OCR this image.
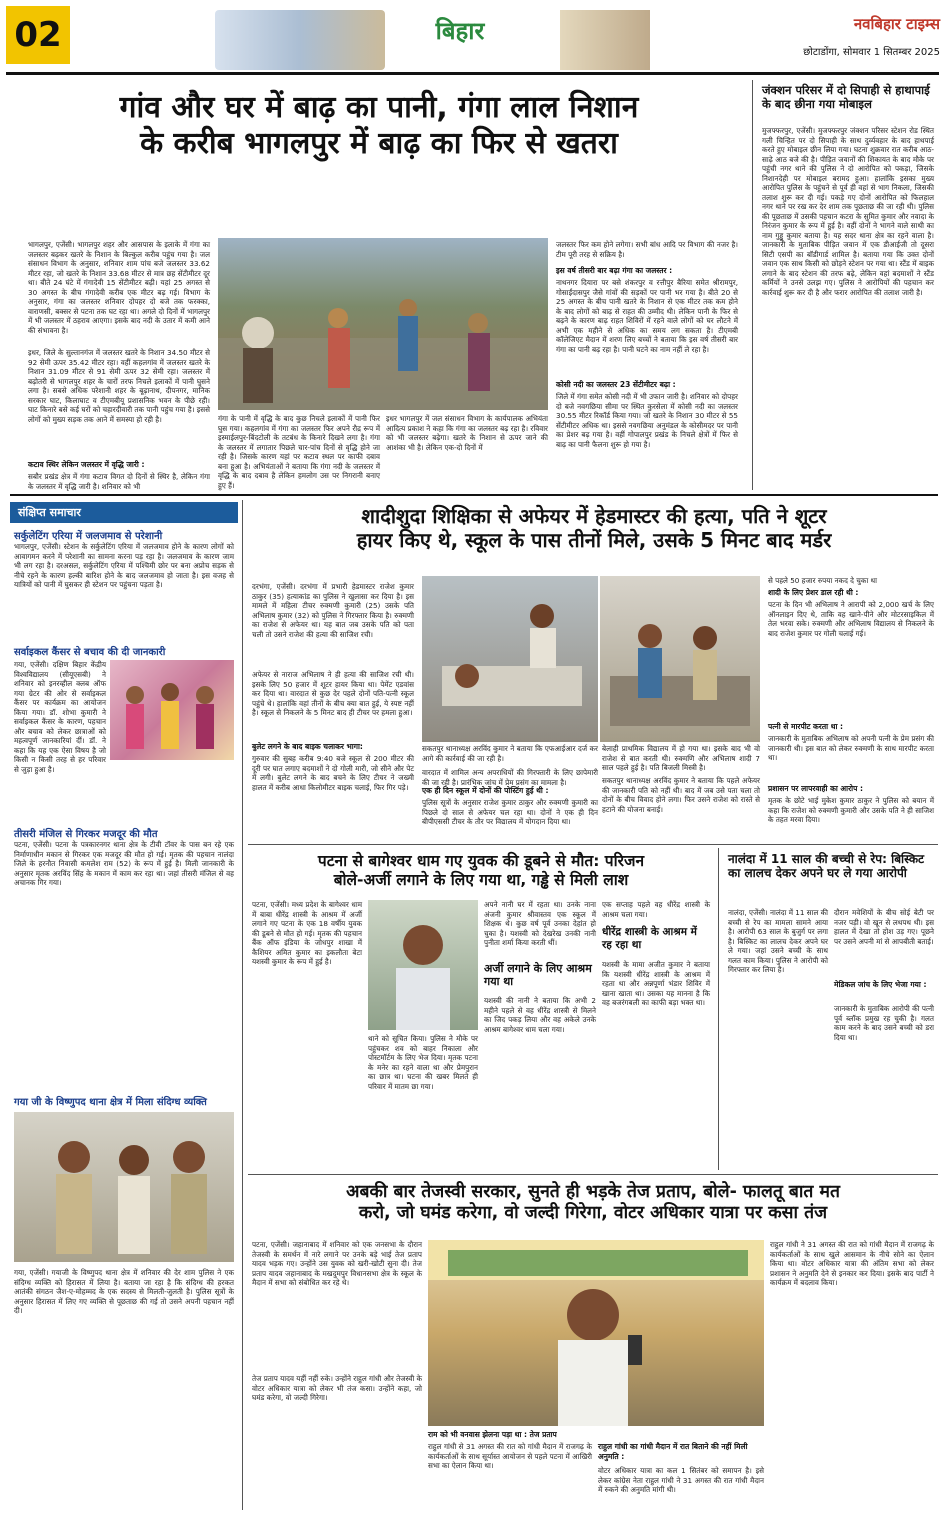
02	बिहार	नवबिहार टाइम्स
छोटाडोंगा, सोमवार 1 सितम्बर 2025
गांव और घर में बाढ़ का पानी, गंगा लाल निशान
के करीब भागलपुर में बाढ़ का फिर से खतरा
भागलपुर, एजेंसी। भागलपुर शहर और आसपास के इलाके में गंगा का जलस्तर बढ़कर खतरे के निशान के बिल्कुल करीब पहुंच गया है। जल संसाधन विभाग के अनुसार, शनिवार शाम पांच बजे जलस्तर 33.62 मीटर रहा, जो खतरे के निशान 33.68 मीटर से मात्र छह सेंटीमीटर दूर था। बीते 24 घंटे में गंगादेवी 15 सेंटीमीटर बढ़ी। यहां 25 अगस्त से 30 अगस्त के बीच गंगादेवी करीब एक मीटर बढ़ गई। विभाग के अनुसार, गंगा का जलस्तर शनिवार दोपहर दो बजे तक फरक्का, वाराणसी, बक्सर से पटना तक घट रहा था। अगले दो दिनों में भागलपुर में भी जलस्तर में ठहराव आएगा। इसके बाद नदी के उतार में कमी आने की संभावना है।
इधर, जिले के सुल्तानगंज में जलस्तर खतरे के निशान 34.50 मीटर से 92 सेमी ऊपर 35.42 मीटर रहा। वहीं कहलगांव में जलस्तर खतरे के निशान 31.09 मीटर से 91 सेमी ऊपर 32 सेमी रहा। जलस्तर में बढ़ोतरी से भागलपुर शहर के चारों तरफ निचले इलाकों में पानी घुसने लगा है। सबसे अधिक परेशानी शहर के बूढ़ानाथ, दीपनगर, मानिक सरकार घाट, किलाघाट व टीएमबीयू प्रशासनिक भवन के पीछे रही। घाट किनारे बसे कई घरों को चहारदीवारी तक पानी पहुंच गया है। इससे लोगों को मुख्य सड़क तक आने में समस्या हो रही है।
कटाव स्थिर लेकिन जलस्तर में वृद्धि जारी :
सबौर प्रखंड क्षेत्र में गंगा कटाव विगत दो दिनों से स्थिर है, लेकिन गंगा के जलस्तर में वृद्धि जारी है। शनिवार को भी
गंगा के पानी में वृद्धि के बाद कुछ निचले इलाकों में पानी फिर घुस गया। कहलगांव में गंगा का जलस्तर फिर अपने रौद्र रूप में इस्माईलपुर-बिंदटोली के तटबंध के किनारे दिखने लगा है। गंगा के जलस्तर में लगातार पिछले चार-पांच दिनों से वृद्धि होने जा रही है। जिसके कारण यहां पर कटाव स्थल पर काफी दबाव बना हुआ है। अभियंताओं ने बताया कि गंगा नदी के जलस्तर में वृद्धि के बाद दबाव है लेकिन हमलोग उस पर निगरानी बनाए हुए हैं।
इधर भागलपुर में जल संसाधन विभाग के कार्यपालक अभियंता आदित्य प्रकाश ने कहा कि गंगा का जलस्तर बढ़ रहा है। रविवार को भी जलस्तर बढ़ेगा। खतरे के निशान से ऊपर जाने की आशंका भी है। लेकिन एक-दो दिनों में
जलस्तर फिर कम होने लगेगा। सभी बांध आदि पर विभाग की नजर है। टीम पूरी तरह से सक्रिय है।
इस वर्ष तीसरी बार बढ़ा गंगा का जलस्तर :
नाथनगर दियारा पर बसे शंकरपुर व रत्तीपुर बैरिया समेत श्रीरामपुर, गोसाईंदासपुर जैसे गांवों की सड़कों पर पानी भर गया है। बीते 20 से 25 अगस्त के बीच पानी खतरे के निशान से एक मीटर तक कम होने के बाद लोगों को बाढ़ से राहत की उम्मीद थी। लेकिन पानी के फिर से बढ़ने के कारण बाढ़ राहत शिविरों में रहने वाले लोगों को घर लौटने में अभी एक महीने से अधिक का समय लग सकता है। टीएमबी कॉलेजिएट मैदान में शरण लिए बच्चों ने बताया कि इस वर्ष तीसरी बार गंगा का पानी बढ़ रहा है। पानी घटने का नाम नहीं ले रहा है।
कोसी नदी का जलस्तर 23 सेंटीमीटर बढ़ा :
जिले में गंगा समेत कोसी नदी में भी उफान जारी है। शनिवार को दोपहर दो बजे नवगछिया सीमा पर स्थित कुरसेला में कोसी नदी का जलस्तर 30.55 मीटर रिकॉर्ड किया गया। जो खतरे के निशान 30 मीटर से 55 सेंटीमीटर अधिक था। इससे नवगछिया अनुमंडल के कोसीमदर पर पानी का प्रेशर बढ़ गया है। वहीं गोपालपुर प्रखंड के निचले क्षेत्रों में फिर से बाढ़ का पानी फैलना शुरू हो गया है।
जंक्शन परिसर में दो सिपाही से हाथापाई के बाद छीना गया मोबाइल
मुजफ्फरपुर, एजेंसी। मुजफ्फरपुर जंक्शन परिसर स्टेशन रोड स्थित गली चिन्हित पर दो सिपाही के साथ दुर्व्यवहार के बाद हाथपाई करते हुए मोबाइल छीन लिया गया। घटना शुक्रवार रात करीब आठ-साढ़े आठ बजे की है। पीड़ित जवानों की शिकायत के बाद मौके पर पहुंची नगर थाने की पुलिस ने दो आरोपित को पकड़ा, जिसके निशानदेही पर मोबाइल बरामद हुआ। हालांकि इसका मुख्य आरोपित पुलिस के पहुंचने से पूर्व ही वहां से भाग निकला, जिसकी तलाश शुरू कर दी गई। पकड़े गए दोनों आरोपित को फिलहाल नगर थाने पर रख कर देर शाम तक पूछताछ की जा रही थी। पुलिस की पूछताछ में उसकी पहचान कटरा के सुमित कुमार और नवादा के निरंजन कुमार के रूप में हुई है। वहीं दोनों ने भागने वाले साथी का नाम गुड्डू कुमार बताया है। यह सदर थाना क्षेत्र का रहने वाला है। जानकारी के मुताबिक पीड़ित जवान में एक डीआईजी तो दूसरा सिटी एसपी का बॉडीगार्ड शामिल है। बताया गया कि उक्त दोनों जवान एक साथ किसी को छोड़ने स्टेशन पर गया था। स्टैंड में बाइक लगाने के बाद स्टेशन की तरफ बढ़े, लेकिन वहां बदमाशों ने स्टैंड कर्मियों ने उनसे उलझ गए। पुलिस ने आरोपियों की पहचान कर कार्रवाई शुरू कर दी है और फरार आरोपित की तलाश जारी है।
संक्षिप्त समाचार
सर्कुलेटिंग एरिया में जलजमाव से परेशानी
भागलपुर, एजेंसी। स्टेशन के सर्कुलेटिंग एरिया में जलजमाव होने के कारण लोगों को आवागमन करने में परेशानी का सामना करना पड़ रहा है। जलजमाव के कारण जाम भी लग रहा है। दरअसल, सर्कुलेटिंग एरिया में पश्चिमी छोर पर बना अप्रोच सड़क से नीचे रहने के कारण हल्की बारिश होने के बाद जलजमाव हो जाता है। इस वजह से यात्रियों को पानी में घुसकर ही स्टेशन पर पहुंचना पड़ता है।
सर्वाइकल कैंसर से बचाव की दी जानकारी
गया, एजेंसी। दक्षिण बिहार केंद्रीय विश्वविद्यालय (सीयूएसबी) ने शनिवार को इनरव्हील क्लब ऑफ गया ग्रेटर की ओर से सर्वाइकल कैंसर पर कार्यक्रम का आयोजन किया गया। डॉ. शोभा कुमारी ने सर्वाइकल कैंसर के कारण, पहचान और बचाव को लेकर छात्राओं को महत्वपूर्ण जानकारियां दीं। डॉ. ने कहा कि यह एक ऐसा विषय है जो किसी न किसी तरह से हर परिवार से जुड़ा हुआ है।
तीसरी मंजिल से गिरकर मजदूर की मौत
पटना, एजेंसी। पटना के पत्रकारनगर थाना क्षेत्र के टीवी टॉवर के पास बन रहे एक निर्माणाधीन मकान से गिरकर एक मजदूर की मौत हो गई। मृतक की पहचान नालंदा जिले के हरनौत निवासी कमलेश राम (52) के रूप में हुई है। मिली जानकारी के अनुसार मृतक अरविंद सिंह के मकान में काम कर रहा था। जहां तीसरी मंजिल से वह अचानक गिर गया।
गया जी के विष्णुपद थाना क्षेत्र में मिला संदिग्ध व्यक्ति
गया, एजेंसी। गयाजी के विष्णुपद थाना क्षेत्र में शनिवार की देर शाम पुलिस ने एक संदिग्ध व्यक्ति को हिरासत में लिया है। बताया जा रहा है कि संदिग्ध की हरकत आतंकी संगठन जैश-ए-मोहम्मद के एक सदस्य से मिलती-जुलती है। पुलिस सूत्रों के अनुसार हिरासत में लिए गए व्यक्ति से पूछताछ की गई तो उसने अपनी पहचान नहीं दी।
शादीशुदा शिक्षिका से अफेयर में हेडमास्टर की हत्या, पति ने शूटर
हायर किए थे, स्कूल के पास तीनों मिले, उसके 5 मिनट बाद मर्डर
दरभंगा, एजेंसी। दरभंगा में प्रभारी हेडमास्टर राजेश कुमार ठाकुर (35) हत्याकांड का पुलिस ने खुलासा कर दिया है। इस मामले में महिला टीचर रुक्मणी कुमारी (25) उसके पति अभिलाष कुमार (32) को पुलिस ने गिरफ्तार किया है। रुक्मणी का राजेश से अफेयर था। यह बात जब उसके पति को पता चली तो उसने राजेश की हत्या की साजिश रची।
अफेयर से नाराज अभिलाष ने ही हत्या की साजिश रची थी। इसके लिए 50 हजार में शूटर हायर किया था। पेमेंट एडवांस कर दिया था। वारदात से कुछ देर पहले दोनों पति-पत्नी स्कूल पहुंचे थे। हालांकि वहां तीनों के बीच क्या बात हुई, ये स्पष्ट नहीं है। स्कूल से निकलने के 5 मिनट बाद ही टीचर पर हमला हुआ।
बुलेट लगने के बाद बाइक चलाकर भागा:
गुरुवार की सुबह करीब 9:40 बजे स्कूल से 200 मीटर की दूरी पर घात लगाए बदमाशों ने दो गोली मारी, जो सीने और पेट में लगी। बुलेट लगने के बाद बचने के लिए टीचर ने जख्मी हालत में करीब आधा किलोमीटर बाइक चलाई, फिर गिर पड़े।
सकतपुर थानाध्यक्ष अरविंद कुमार ने बताया कि एफआईआर दर्ज कर आगे की कार्रवाई की जा रही है।
वारदात में शामिल अन्य अपराधियों की गिरफ्तारी के लिए छापेमारी की जा रही है। प्रारंभिक जांच में प्रेम प्रसंग का मामला है।
एक ही दिन स्कूल में दोनों की पोस्टिंग हुई थी :
पुलिस सूत्रों के अनुसार राजेश कुमार ठाकुर और रुक्मणी कुमारी का पिछले दो साल से अफेयर चल रहा था। दोनों ने एक ही दिन बीपीएससी टीचर के तौर पर विद्यालय में योगदान दिया था।
बेलाही प्राथमिक विद्यालय में हो गया था। इसके बाद भी वो राजेश से बात करती थी। रुक्मणि और अभिलाष शादी 7 साल पहले हुई है। पति बिजली मिस्त्री है।
सकतपुर थानाध्यक्ष अरविंद कुमार ने बताया कि पहले अफेयर की जानकारी पति को नहीं थी। बाद में जब उसे पता चला तो दोनों के बीच विवाद होने लगा। फिर उसने राजेश को रास्ते से हटाने की योजना बनाई।
से पहले 50 हजार रुपया नकद दे चुका था
शादी के लिए प्रेशर डाल रही थी :
पटना के दिन भी अभिलाष ने आरापी को 2,000 खर्च के लिए ऑनलाइन दिए थे, ताकि वह खाने-पीने और मोटरसाइकिल में तेल भरवा सके। रुक्मणी और अभिलाष विद्यालय से निकलने के बाद राजेश कुमार पर गोली चलाई गई।
पत्नी से मारपीट करता था :
जानकारी के मुताबिक अभिलाष को अपनी पत्नी के प्रेम प्रसंग की जानकारी थी। इस बात को लेकर रुक्मणी के साथ मारपीट करता था।
प्रशासन पर लापरवाही का आरोप :
मृतक के छोटे भाई मुकेश कुमार ठाकुर ने पुलिस को बयान में कहा कि राजेश को रुक्मणी कुमारी और उसके पति ने ही साजिश के तहत मरवा दिया।
पटना से बागेश्वर धाम गए युवक की डूबने से मौत: परिजन
बोले-अर्जी लगाने के लिए गया था, गड्ढे से मिली लाश
पटना, एजेंसी। मध्य प्रदेश के बागेश्वर धाम में बाबा धीरेंद्र शास्त्री के आश्रम में अर्जी लगाने गए पटना के एक 18 वर्षीय युवक की डूबने से मौत हो गई। मृतक की पहचान बैंक ऑफ इंडिया के जोधपुर शाखा में कैशियर अमित कुमार का इकलौता बेटा यशस्वी कुमार के रूप में हुई है।
थाने को सूचित किया। पुलिस ने मौके पर पहुंचकर शव को बाहर निकाला और पोस्टमॉर्टम के लिए भेज दिया। मृतक पटना के मनेर का रहने वाला था और प्रेमपुरान का छात्र था। घटना की खबर मिलते ही परिवार में मातम छा गया।
अपने नानी घर में रहता था। उनके नाना अंजनी कुमार श्रीवास्तव एक स्कूल में शिक्षक थे। कुछ वर्ष पूर्व उनका देहांत हो चुका है। यशस्वी को देखरेख उनकी नानी पुनीता शर्मा किया करती थीं।
अर्जी लगाने के लिए आश्रम गया था
यशस्वी की नानी ने बताया कि अभी 2 महीने पहले से वह धीरेंद्र शास्त्री से मिलने का जिद पकड़ लिया और वह अकेले उनके आश्रम बागेश्वर धाम चला गया।
एक सप्ताह पहले वह धीरेंद्र शास्त्री के आश्रम चला गया।
धीरेंद्र शास्त्री के आश्रम में रह रहा था
यशस्वी के मामा अजीत कुमार ने बताया कि यशस्वी धीरेंद्र शास्त्री के आश्रम में रहता था और अन्नपूर्णा भंडार शिविर में खाना खाता था। उसका यह मानना है कि वह बजरंगबली का काफी बड़ा भक्त था।
नालंदा में 11 साल की बच्ची से रेप: बिस्किट का लालच देकर अपने घर ले गया आरोपी
नालंदा, एजेंसी। नालंदा में 11 साल की बच्ची से रेप का मामला सामने आया है। आरोपी 63 साल के बुजुर्ग पर लगा है। बिस्किट का लालच देकर अपने घर ले गया। जहां उसने बच्ची के साथ गलत काम किया। पुलिस ने आरोपी को गिरफ्तार कर लिया है।
दौरान मवेशियों के बीच सोई बेटी पर नजर पड़ी। वो खून से लथपथ थी। इस हालत में देखा तो होश उड़ गए। पूछने पर उसने अपनी मां से आपबीती बताई।
मेडिकल जांच के लिए भेजा गया :
जानकारी के मुताबिक आरोपी की पत्नी पूर्व ब्लॉक प्रमुख रह चुकी है। गलत काम करने के बाद उसने बच्ची को डरा दिया था।
अबकी बार तेजस्वी सरकार, सुनते ही भड़के तेज प्रताप, बोले- फालतू बात मत
करो, जो घमंड करेगा, वो जल्दी गिरेगा, वोटर अधिकार यात्रा पर कसा तंज
पटना, एजेंसी। जहानाबाद में शनिवार को एक जनसभा के दौरान तेजस्वी के समर्थन में नारे लगाने पर उनके बड़े भाई तेज प्रताप यादव भड़क गए। उन्होंने उस युवक को खरी-खोटी सुना दी। तेज प्रताप यादव जहानाबाद के मखदुमपुर विधानसभा क्षेत्र के स्कूल के मैदान में सभा को संबोधित कर रहे थे।
तेज प्रताप यादव यहीं नहीं रुके। उन्होंने राहुल गांधी और तेजस्वी के वोटर अधिकार यात्रा को लेकर भी तंज कसा। उन्होंने कहा, जो घमंड करेगा, वो जल्दी गिरेगा।
राम को भी वनवास झेलना पड़ा था : तेज प्रताप
राहुल गांधी से 31 अगस्त की रात को गांधी मैदान में राजगढ़ के कार्यकर्ताओं के साथ सूर्यास्त आयोजन से पहले पटना में आखिरी सभा का ऐलान किया था।
राहुल गांधी का गांधी मैदान में रात बिताने की नहीं मिली अनुमति :
वोटर अधिकार यात्रा का कल 1 सितंबर को समापन है। इसे लेकर कांग्रेस नेता राहुल गांधी ने 31 अगस्त की रात गांधी मैदान में रुकने की अनुमति मांगी थी।
राहुल गांधी ने 31 अगस्त की रात को गांधी मैदान में राजगढ़ के कार्यकर्ताओं के साथ खुले आसमान के नीचे सोने का ऐलान किया था। वोटर अधिकार यात्रा की अंतिम सभा को लेकर प्रशासन ने अनुमति देने से इनकार कर दिया। इसके बाद पार्टी ने कार्यक्रम में बदलाव किया।
